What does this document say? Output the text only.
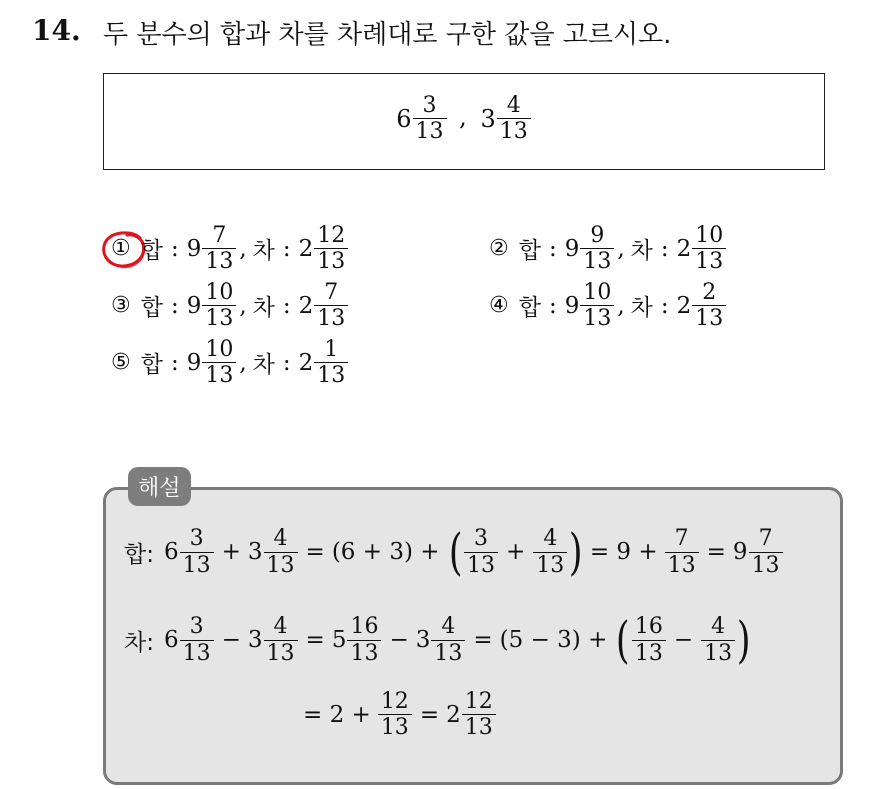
14. 두 분수의 합과 차를 차례대로 구한 값을 고르시오.
$6 \frac{3}{13}$ , $3 \frac{4}{13}$
① 합 : $9 \frac{7}{13}$ , 차 : $2 \frac{12}{13}$	② 합 : $9 \frac{9}{13}$ , 차 : $2 \frac{10}{13}$
③ 합 : $9 \frac{10}{13}$ , 차 : $2 \frac{7}{13}$	④ 합 : $9 \frac{10}{13}$ , 차 : $2 \frac{2}{13}$
⑤ 합 : $9 \frac{10}{13}$ , 차 : $2 \frac{1}{13}$
해설
합: $6 \frac{3}{13} + 3 \frac{4}{13} = (6 + 3)$ + ( $\frac{3}{13} + \frac{4}{13}$ ) = $9 + \frac{7}{13} = 9 \frac{7}{13}$
차: $6 \frac{3}{13} - 3 \frac{4}{13} = 5 \frac{16}{13} - 3 \frac{4}{13} = (5 - 3)$ + ( $\frac{16}{13} - \frac{4}{13}$ )
= $2 + \frac{12}{13} = 2 \frac{12}{13}$
